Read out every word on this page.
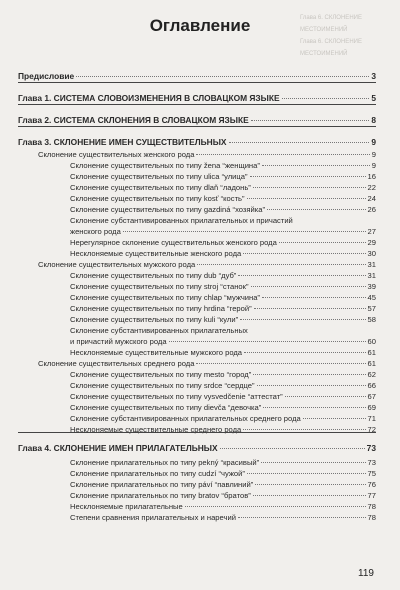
Глава 6. СКЛОНЕНИЕ МЕСТОИМЕНИЙ
Глава 6. СКЛОНЕНИЕ МЕСТОИМЕНИЙ
Оглавление
Предисловие	3
Глава 1. СИСТЕМА СЛОВОИЗМЕНЕНИЯ В СЛОВАЦКОМ ЯЗЫКЕ	5
Глава 2. СИСТЕМА СКЛОНЕНИЯ В СЛОВАЦКОМ ЯЗЫКЕ	8
Глава 3. СКЛОНЕНИЕ ИМЕН СУЩЕСТВИТЕЛЬНЫХ	9
Склонение существительных женского рода	9
Склонение существительных по типу žena “женщина”	9
Склонение существительных по типу ulica “улица”	16
Склонение существительных по типу dlaň “ладонь”	22
Склонение существительных по типу kosť “кость”	24
Склонение существительных по типу gazdiná “хозяйка”	26
Склонение субстантивированных прилагательных и причастий
женского рода	27
Нерегулярное склонение существительных женского рода	29
Несклоняемые существительные женского рода	30
Склонение существительных мужского рода	31
Склонение существительных по типу dub “дуб”	31
Склонение существительных по типу stroj “станок”	39
Склонение существительных по типу chlap “мужчина”	45
Склонение существительных по типу hrdina “герой”	57
Склонение существительных по типу kuli “кули”	58
Склонение субстантивированных прилагательных
и причастий мужского рода	60
Несклоняемые существительные мужского рода	61
Склонение существительных среднего рода	61
Склонение существительных по типу mesto “город”	62
Склонение существительных по типу srdce “сердце”	66
Склонение существительных по типу vysvedčenie “аттестат”	67
Склонение существительных по типу dievča “девочка”	69
Склонение субстантивированных прилагательных среднего рода	71
Несклоняемые существительные среднего рода	72
Глава 4. СКЛОНЕНИЕ ИМЕН ПРИЛАГАТЕЛЬНЫХ	73
Склонение прилагательных по типу pekný “красивый”	73
Склонение прилагательных по типу cudzí “чужой”	75
Склонение прилагательных по типу páví “павлиний”	76
Склонение прилагательных по типу bratov “братов”	77
Несклоняемые прилагательные	78
Степени сравнения прилагательных и наречий	78
119
